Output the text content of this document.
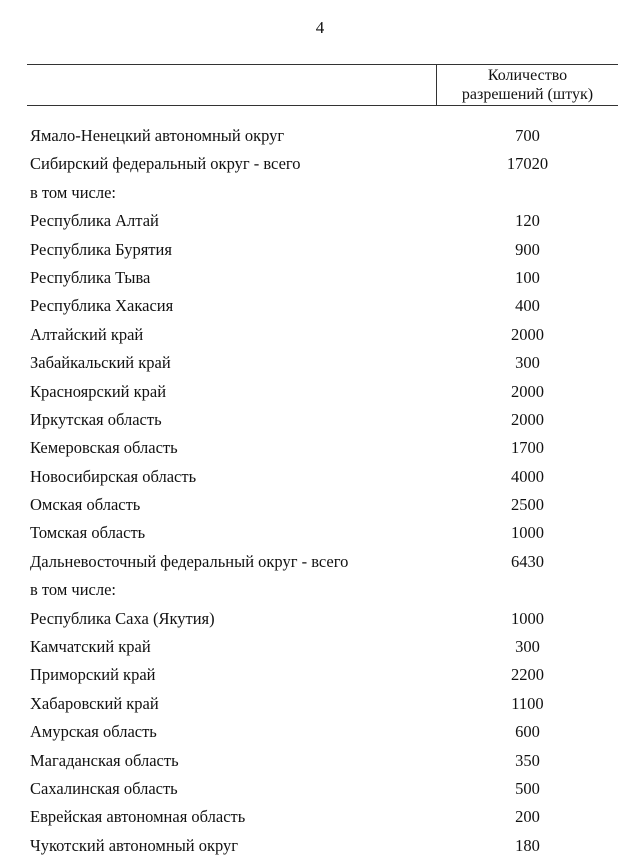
4
Количество
разрешений (штук)
Ямало-Ненецкий автономный округ	700
Сибирский федеральный округ - всего	17020
в том числе:
Республика Алтай	120
Республика Бурятия	900
Республика Тыва	100
Республика Хакасия	400
Алтайский край	2000
Забайкальский край	300
Красноярский край	2000
Иркутская область	2000
Кемеровская область	1700
Новосибирская область	4000
Омская область	2500
Томская область	1000
Дальневосточный федеральный округ - всего	6430
в том числе:
Республика Саха (Якутия)	1000
Камчатский край	300
Приморский край	2200
Хабаровский край	1100
Амурская область	600
Магаданская область	350
Сахалинская область	500
Еврейская автономная область	200
Чукотский автономный округ	180
